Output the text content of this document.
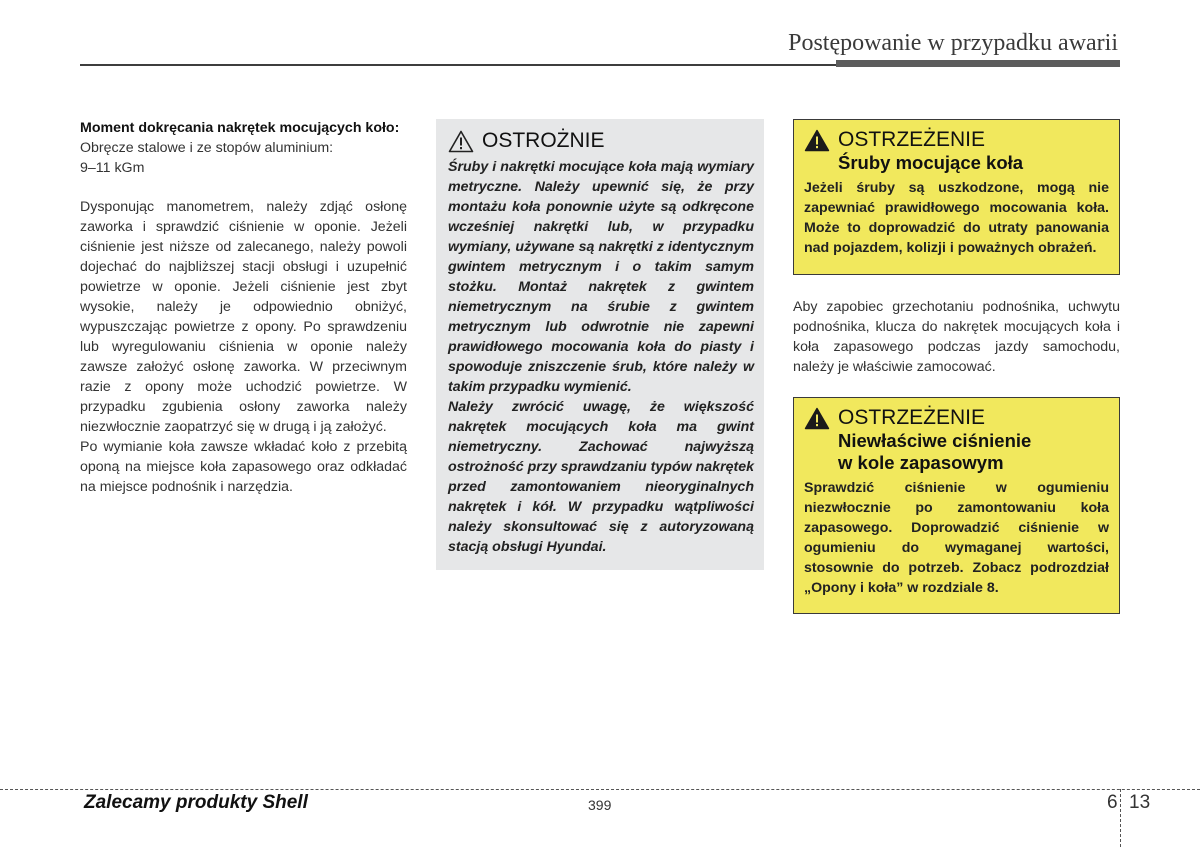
Postępowanie w przypadku awarii

Moment dokręcania nakrętek mocujących koło:

Obręcze stalowe i ze stopów aluminium:

9–11 kGm

Dysponując manometrem, należy zdjąć osłonę zaworka i sprawdzić ciśnienie w oponie. Jeżeli ciśnienie jest niższe od zalecanego, należy powoli dojechać do najbliższej stacji obsługi i uzupełnić powietrze w oponie. Jeżeli ciśnienie jest zbyt wysokie, należy je odpowiednio obniżyć, wypuszczając powietrze z opony. Po sprawdzeniu lub wyregulowaniu ciśnienia w oponie należy zawsze założyć osłonę zaworka. W przeciwnym razie z opony może uchodzić powietrze. W przypadku zgubienia osłony zaworka należy niezwłocznie zaopatrzyć się w drugą i ją założyć.

Po wymianie koła zawsze wkładać koło z przebitą oponą na miejsce koła zapasowego oraz odkładać na miejsce podnośnik i narzędzia.

OSTROŻNIE

Śruby i nakrętki mocujące koła mają wymiary metryczne. Należy upewnić się, że przy montażu koła ponownie użyte są odkręcone wcześniej nakrętki lub, w przypadku wymiany, używane są nakrętki z identycznym gwintem metrycznym i o takim samym stożku. Montaż nakrętek z gwintem niemetrycznym na śrubie z gwintem metrycznym lub odwrotnie nie zapewni prawidłowego mocowania koła do piasty i spowoduje zniszczenie śrub, które należy w takim przypadku wymienić.

Należy zwrócić uwagę, że większość nakrętek mocujących koła ma gwint niemetryczny. Zachować najwyższą ostrożność przy sprawdzaniu typów nakrętek przed zamontowaniem nieoryginalnych nakrętek i kół. W przypadku wątpliwości należy skonsultować się z autoryzowaną stacją obsługi Hyundai.

OSTRZEŻENIE
Śruby mocujące koła

Jeżeli śruby są uszkodzone, mogą nie zapewniać prawidłowego mocowania koła. Może to doprowadzić do utraty panowania nad pojazdem, kolizji i poważnych obrażeń.

Aby zapobiec grzechotaniu podnośnika, uchwytu podnośnika, klucza do nakrętek mocujących koła i koła zapasowego podczas jazdy samochodu, należy je właściwie zamocować.

OSTRZEŻENIE
Niewłaściwe ciśnienie
w kole zapasowym

Sprawdzić ciśnienie w ogumieniu niezwłocznie po zamontowaniu koła zapasowego. Doprowadzić ciśnienie w ogumieniu do wymaganej wartości, stosownie do potrzeb. Zobacz podrozdział „Opony i koła” w rozdziale 8.

Zalecamy produkty Shell	399	6 13
